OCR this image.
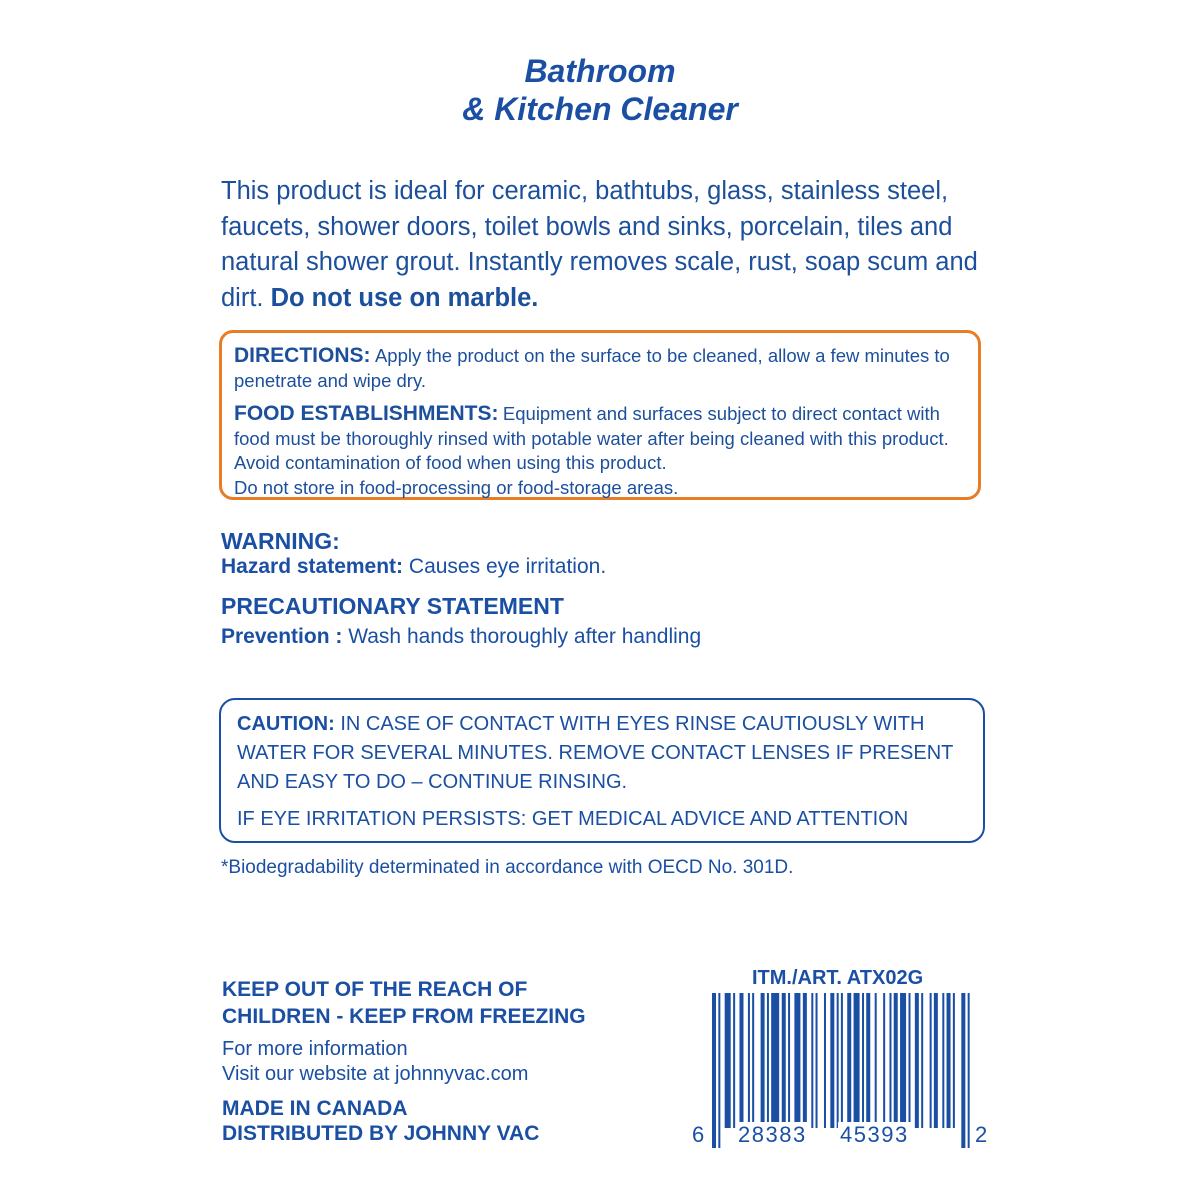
Bathroom
& Kitchen Cleaner
This product is ideal for ceramic, bathtubs, glass, stainless steel, faucets, shower doors, toilet bowls and sinks, porcelain, tiles and natural shower grout. Instantly removes scale, rust, soap scum and dirt. Do not use on marble.
DIRECTIONS: Apply the product on the surface to be cleaned, allow a few minutes to penetrate and wipe dry.
FOOD ESTABLISHMENTS: Equipment and surfaces subject to direct contact with food must be thoroughly rinsed with potable water after being cleaned with this product. Avoid contamination of food when using this product.
Do not store in food-processing or food-storage areas.
WARNING:
Hazard statement: Causes eye irritation.
PRECAUTIONARY STATEMENT
Prevention : Wash hands thoroughly after handling
CAUTION: IN CASE OF CONTACT WITH EYES RINSE CAUTIOUSLY WITH WATER FOR SEVERAL MINUTES. REMOVE CONTACT LENSES IF PRESENT AND EASY TO DO – CONTINUE RINSING.
IF EYE IRRITATION PERSISTS: GET MEDICAL ADVICE AND ATTENTION
*Biodegradability determinated in accordance with OECD No. 301D.
KEEP OUT OF THE REACH OF
CHILDREN - KEEP FROM FREEZING
For more information
Visit our website at johnnyvac.com
MADE IN CANADA
DISTRIBUTED BY JOHNNY VAC
ITM./ART. ATX02G
6 28383 45393	2
